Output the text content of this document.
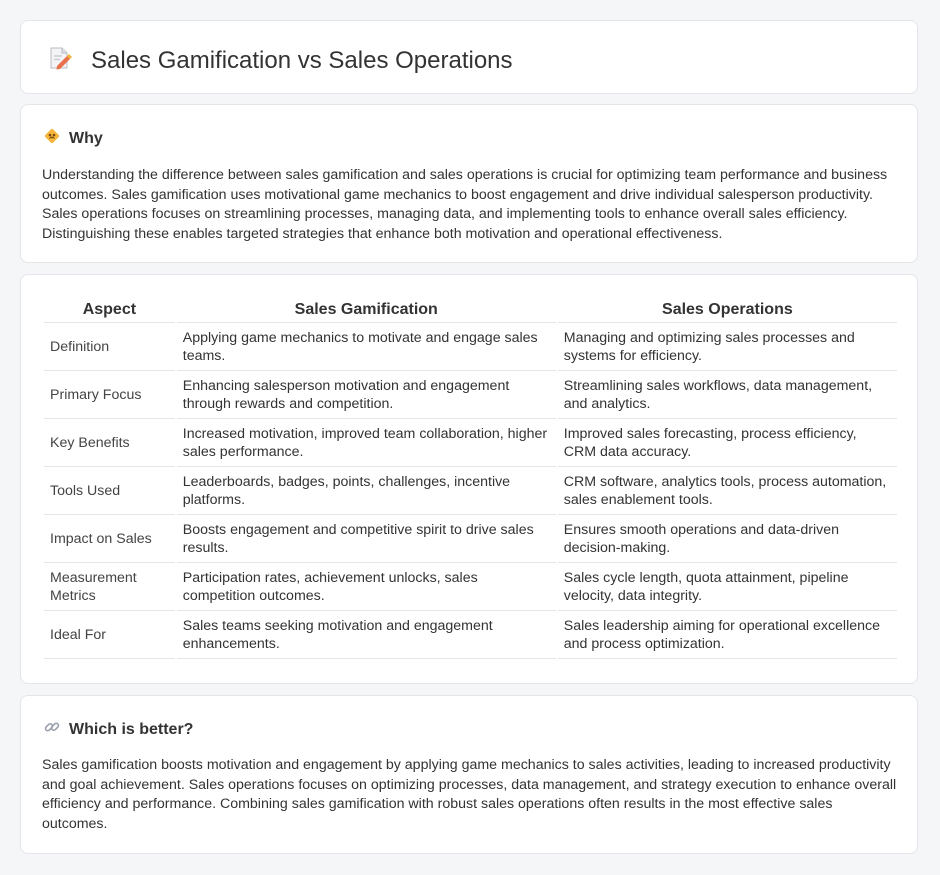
Sales Gamification vs Sales Operations
Why

Understanding the difference between sales gamification and sales operations is crucial for optimizing team performance and business outcomes. Sales gamification uses motivational game mechanics to boost engagement and drive individual salesperson productivity. Sales operations focuses on streamlining processes, managing data, and implementing tools to enhance overall sales efficiency. Distinguishing these enables targeted strategies that enhance both motivation and operational effectiveness.

Aspect	Sales Gamification	Sales Operations
Definition	Applying game mechanics to motivate and engage sales teams.	Managing and optimizing sales processes and systems for efficiency.
Primary Focus	Enhancing salesperson motivation and engagement through rewards and competition.	Streamlining sales workflows, data management, and analytics.
Key Benefits	Increased motivation, improved team collaboration, higher sales performance.	Improved sales forecasting, process efficiency, CRM data accuracy.
Tools Used	Leaderboards, badges, points, challenges, incentive platforms.	CRM software, analytics tools, process automation, sales enablement tools.
Impact on Sales	Boosts engagement and competitive spirit to drive sales results.	Ensures smooth operations and data-driven decision-making.
Measurement Metrics	Participation rates, achievement unlocks, sales competition outcomes.	Sales cycle length, quota attainment, pipeline velocity, data integrity.
Ideal For	Sales teams seeking motivation and engagement enhancements.	Sales leadership aiming for operational excellence and process optimization.
Which is better?

Sales gamification boosts motivation and engagement by applying game mechanics to sales activities, leading to increased productivity and goal achievement. Sales operations focuses on optimizing processes, data management, and strategy execution to enhance overall efficiency and performance. Combining sales gamification with robust sales operations often results in the most effective sales outcomes.
